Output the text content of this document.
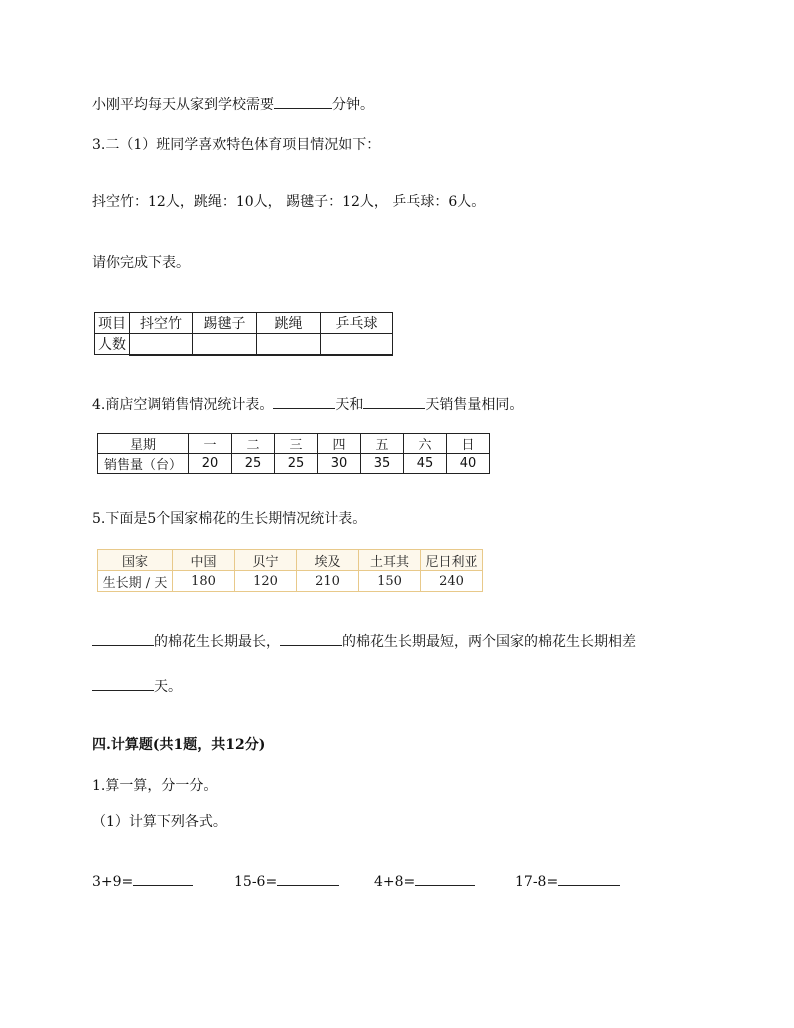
小刚平均每天从家到学校需要	分钟。
3.二（1）班同学喜欢特色体育项目情况如下：
抖空竹：12人，跳绳：10人， 踢毽子：12人， 乒乓球：6人。
请你完成下表。
项目	抖空竹	踢毽子	跳绳	乒乓球
人数				
4.商店空调销售情况统计表。	天和	天销售量相同。
星期	一	二	三	四	五	六	日
销售量（台）	20	25	25	30	35	45	40
5.下面是5个国家棉花的生长期情况统计表。
国家	中国	贝宁	埃及	土耳其	尼日利亚
生长期 / 天	180	120	210	150	240
的棉花生长期最长，	的棉花生长期最短，两个国家的棉花生长期相差
天。
四.计算题(共1题，共12分)
1.算一算，分一分。
（1）计算下列各式。
3+9=	15-6=	4+8=	17-8=
